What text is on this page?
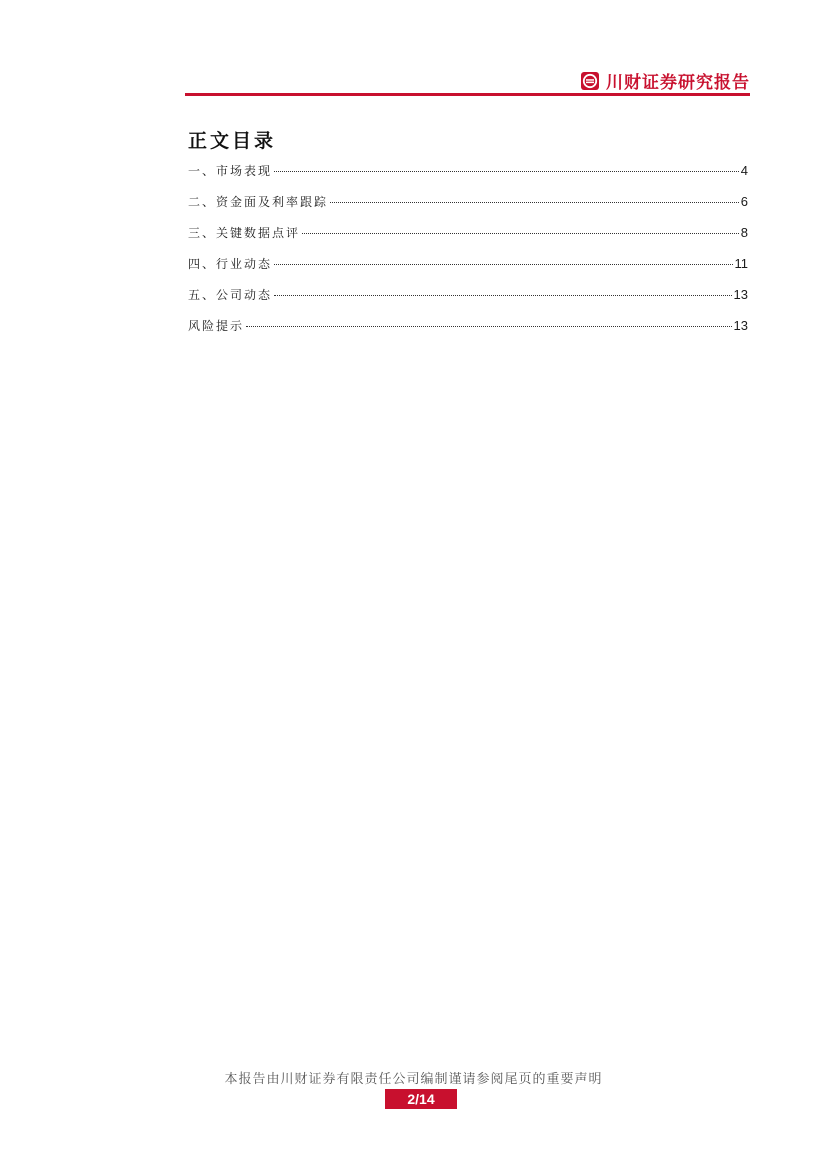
川财证券研究报告
正文目录
一、市场表现	4
二、资金面及利率跟踪	6
三、关键数据点评	8
四、行业动态	11
五、公司动态	13
风险提示	13
本报告由川财证券有限责任公司编制谨请参阅尾页的重要声明
2/14
